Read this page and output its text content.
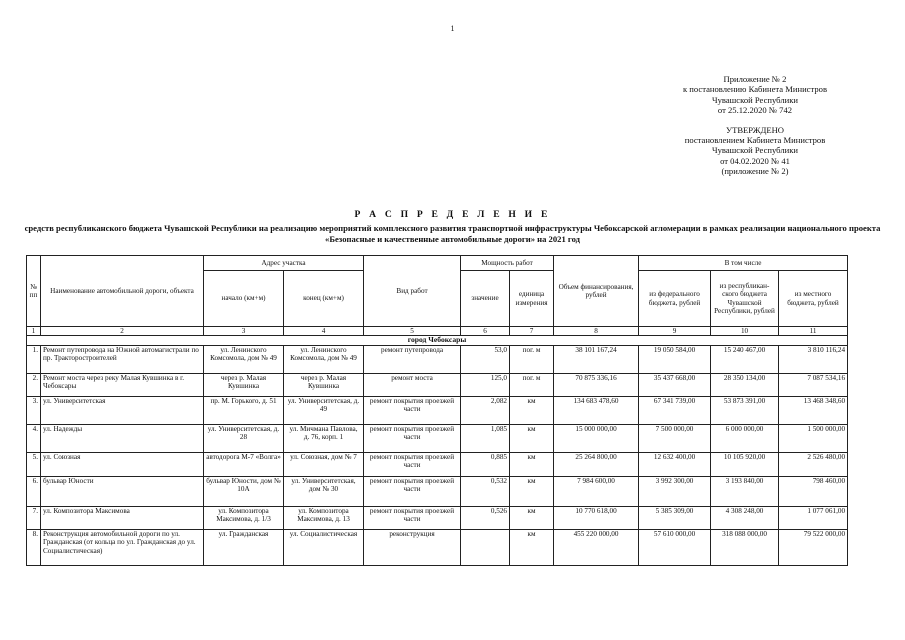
1
Приложение № 2
к постановлению Кабинета Министров
Чувашской Республики
от 25.12.2020 № 742
УТВЕРЖДЕНО
постановлением Кабинета Министров
Чувашской Республики
от 04.02.2020 № 41
(приложение № 2)
Р А С П Р Е Д Е Л Е Н И Е
средств республиканского бюджета Чувашской Республики на реализацию мероприятий комплексного развития транспортной инфраструктуры Чебоксарской агломерации в рамках реализации национального проекта «Безопасные и качественные автомобильные дороги» на 2021 год
№ пп	Наименование автомобильной дороги, объекта	Адрес участка		Вид работ	Мощность работ		Объем финансирования, рублей	В том числе		
		начало (км+м)	конец (км+м)		значение	единица измерения		из федерального бюджета, рублей	из республикан-ского бюджета Чувашской Республики, рублей	из местного бюджета, рублей
1	2	3	4	5	6	7	8	9	10	11
город Чебоксары										
1.	Ремонт путепровода на Южной автомагистрали по пр. Тракторостроителей	ул. Ленинского Комсомола, дом № 49	ул. Ленинского Комсомола, дом № 49	ремонт путепровода	53,0	пог. м	38 101 167,24	19 050 584,00	15 240 467,00	3 810 116,24
2.	Ремонт моста через реку Малая Кувшинка в г. Чебоксары	через р. Малая Кувшинка	через р. Малая Кувшинка	ремонт моста	125,0	пог. м	70 875 336,16	35 437 668,00	28 350 134,00	7 087 534,16
3.	ул. Университетская	пр. М. Горького, д. 51	ул. Университетская, д. 49	ремонт покрытия проезжей части	2,082	км	134 683 478,60	67 341 739,00	53 873 391,00	13 468 348,60
4.	ул. Надежды	ул. Университетская, д. 28	ул. Мичмана Павлова, д. 76, корп. 1	ремонт покрытия проезжей части	1,085	км	15 000 000,00	7 500 000,00	6 000 000,00	1 500 000,00
5.	ул. Союзная	автодорога М-7 «Волга»	ул. Союзная, дом № 7	ремонт покрытия проезжей части	0,885	км	25 264 800,00	12 632 400,00	10 105 920,00	2 526 480,00
6.	бульвар Юности	бульвар Юности, дом № 10А	ул. Университетская, дом № 30	ремонт покрытия проезжей части	0,532	км	7 984 600,00	3 992 300,00	3 193 840,00	798 460,00
7.	ул. Композитора Максимова	ул. Композитора Максимова, д. 1/3	ул. Композитора Максимова, д. 13	ремонт покрытия проезжей части	0,526	км	10 770 618,00	5 385 309,00	4 308 248,00	1 077 061,00
8.	Реконструкция автомобильной дороги по ул. Гражданская (от кольца по ул. Гражданская до ул. Социалистическая)	ул. Гражданская	ул. Социалистическая	реконструкция		км	455 220 000,00	57 610 000,00	318 088 000,00	79 522 000,00
